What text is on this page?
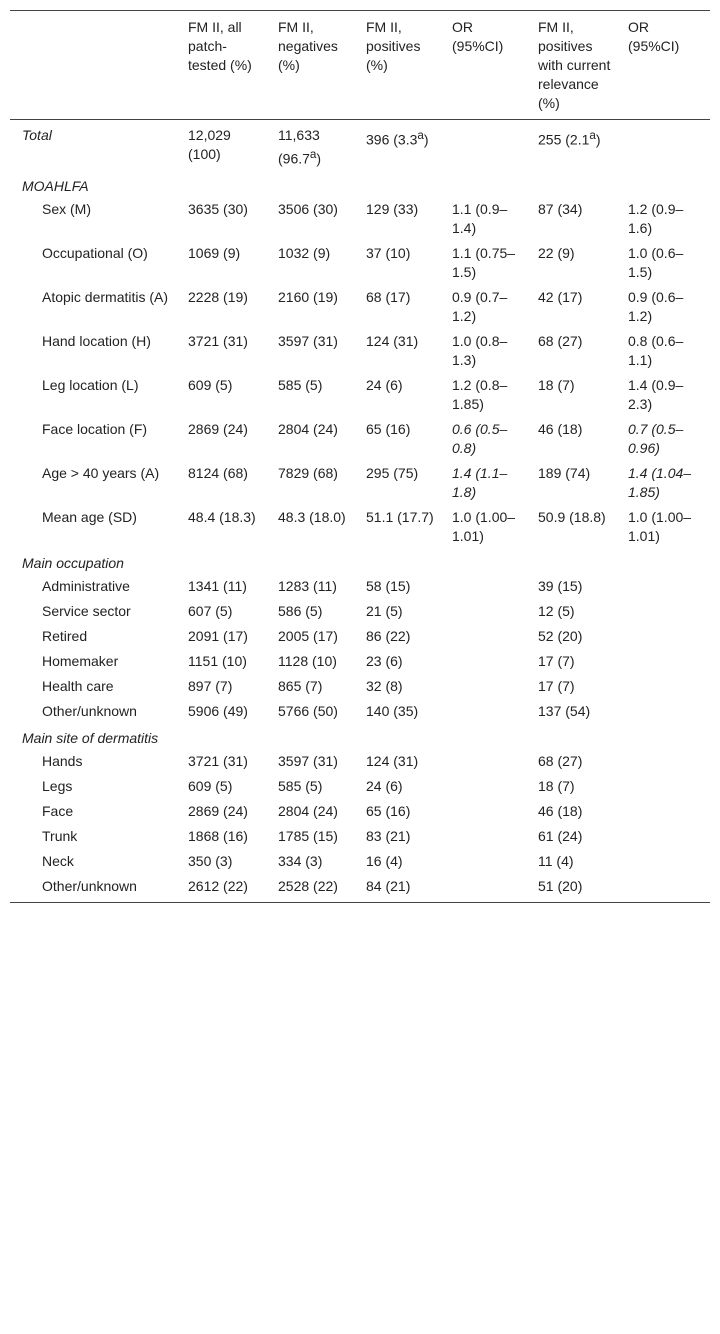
	FM II, all patch-tested (%)	FM II, negatives (%)	FM II, positives (%)	OR (95%CI)	FM II, positives with current relevance (%)	OR (95%CI)
Total	12,029 (100)	11,633 (96.7$^a$)	396 (3.3$^a$)		255 (2.1$^a$)	
MOAHLFA						
Sex (M)	3635 (30)	3506 (30)	129 (33)	1.1 (0.9–1.4)	87 (34)	1.2 (0.9–1.6)
Occupational (O)	1069 (9)	1032 (9)	37 (10)	1.1 (0.75–1.5)	22 (9)	1.0 (0.6–1.5)
Atopic dermatitis (A)	2228 (19)	2160 (19)	68 (17)	0.9 (0.7–1.2)	42 (17)	0.9 (0.6–1.2)
Hand location (H)	3721 (31)	3597 (31)	124 (31)	1.0 (0.8–1.3)	68 (27)	0.8 (0.6–1.1)
Leg location (L)	609 (5)	585 (5)	24 (6)	1.2 (0.8–1.85)	18 (7)	1.4 (0.9–2.3)
Face location (F)	2869 (24)	2804 (24)	65 (16)	0.6 (0.5–0.8)	46 (18)	0.7 (0.5–0.96)
Age > 40 years (A)	8124 (68)	7829 (68)	295 (75)	1.4 (1.1–1.8)	189 (74)	1.4 (1.04–1.85)
Mean age (SD)	48.4 (18.3)	48.3 (18.0)	51.1 (17.7)	1.0 (1.00–1.01)	50.9 (18.8)	1.0 (1.00–1.01)
Main occupation						
Administrative	1341 (11)	1283 (11)	58 (15)		39 (15)	
Service sector	607 (5)	586 (5)	21 (5)		12 (5)	
Retired	2091 (17)	2005 (17)	86 (22)		52 (20)	
Homemaker	1151 (10)	1128 (10)	23 (6)		17 (7)	
Health care	897 (7)	865 (7)	32 (8)		17 (7)	
Other/unknown	5906 (49)	5766 (50)	140 (35)		137 (54)	
Main site of dermatitis						
Hands	3721 (31)	3597 (31)	124 (31)		68 (27)	
Legs	609 (5)	585 (5)	24 (6)		18 (7)	
Face	2869 (24)	2804 (24)	65 (16)		46 (18)	
Trunk	1868 (16)	1785 (15)	83 (21)		61 (24)	
Neck	350 (3)	334 (3)	16 (4)		11 (4)	
Other/unknown	2612 (22)	2528 (22)	84 (21)		51 (20)	
